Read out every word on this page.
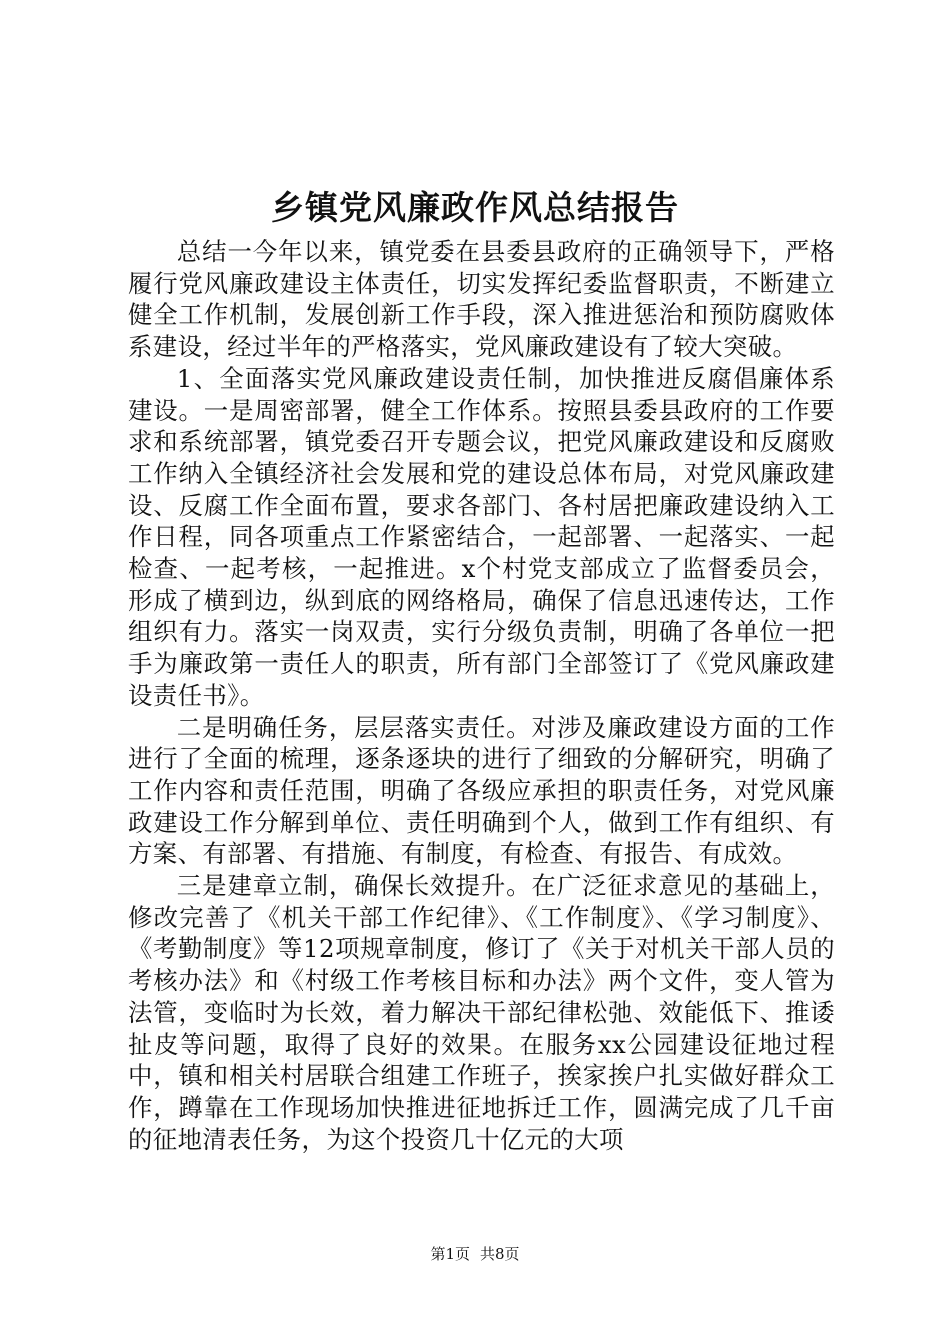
乡镇党风廉政作风总结报告

总结一今年以来，镇党委在县委县政府的正确领导下，严格履行党风廉政建设主体责任，切实发挥纪委监督职责，不断建立健全工作机制，发展创新工作手段，深入推进惩治和预防腐败体系建设，经过半年的严格落实，党风廉政建设有了较大突破。

1、全面落实党风廉政建设责任制，加快推进反腐倡廉体系建设。一是周密部署，健全工作体系。按照县委县政府的工作要求和系统部署，镇党委召开专题会议，把党风廉政建设和反腐败工作纳入全镇经济社会发展和党的建设总体布局，对党风廉政建设、反腐工作全面布置，要求各部门、各村居把廉政建设纳入工作日程，同各项重点工作紧密结合，一起部署、一起落实、一起检查、一起考核，一起推进。x个村党支部成立了监督委员会，形成了横到边，纵到底的网络格局，确保了信息迅速传达，工作组织有力。落实一岗双责，实行分级负责制，明确了各单位一把手为廉政第一责任人的职责，所有部门全部签订了《党风廉政建设责任书》。

二是明确任务，层层落实责任。对涉及廉政建设方面的工作进行了全面的梳理，逐条逐块的进行了细致的分解研究，明确了工作内容和责任范围，明确了各级应承担的职责任务，对党风廉政建设工作分解到单位、责任明确到个人，做到工作有组织、有方案、有部署、有措施、有制度，有检查、有报告、有成效。

三是建章立制，确保长效提升。在广泛征求意见的基础上，修改完善了《机关干部工作纪律》、《工作制度》、《学习制度》、《考勤制度》等12项规章制度，修订了《关于对机关干部人员的考核办法》和《村级工作考核目标和办法》两个文件，变人管为法管，变临时为长效，着力解决干部纪律松弛、效能低下、推诿扯皮等问题，取得了良好的效果。在服务xx公园建设征地过程中，镇和相关村居联合组建工作班子，挨家挨户扎实做好群众工作，蹲靠在工作现场加快推进征地拆迁工作，圆满完成了几千亩的征地清表任务，为这个投资几十亿元的大项

第1页 共8页
